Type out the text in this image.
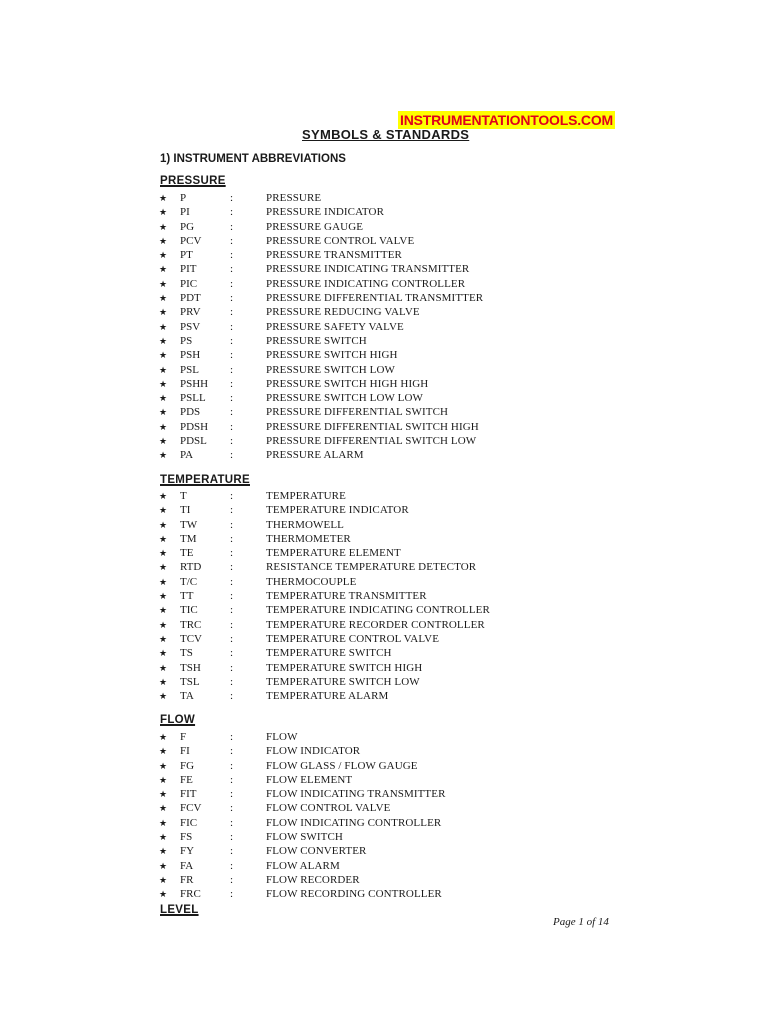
INSTRUMENTATIONTOOLS.COM
SYMBOLS & STANDARDS
1) INSTRUMENT ABBREVIATIONS
PRESSURE
★ P	:	PRESSURE
★ PI	:	PRESSURE INDICATOR
★ PG	:	PRESSURE GAUGE
★ PCV	:	PRESSURE CONTROL VALVE
★ PT	:	PRESSURE TRANSMITTER
★ PIT	:	PRESSURE INDICATING TRANSMITTER
★ PIC	:	PRESSURE INDICATING CONTROLLER
★ PDT	:	PRESSURE DIFFERENTIAL TRANSMITTER
★ PRV	:	PRESSURE REDUCING VALVE
★ PSV	:	PRESSURE SAFETY VALVE
★ PS	:	PRESSURE SWITCH
★ PSH	:	PRESSURE SWITCH HIGH
★ PSL	:	PRESSURE SWITCH LOW
★ PSHH :	PRESSURE SWITCH HIGH HIGH
★ PSLL :	PRESSURE SWITCH LOW LOW
★ PDS	:	PRESSURE DIFFERENTIAL SWITCH
★ PDSH :	PRESSURE DIFFERENTIAL SWITCH HIGH
★ PDSL :	PRESSURE DIFFERENTIAL SWITCH LOW
★ PA	:	PRESSURE ALARM
TEMPERATURE
★ T	:	TEMPERATURE
★ TI	:	TEMPERATURE INDICATOR
★ TW	:	THERMOWELL
★ TM	:	THERMOMETER
★ TE	:	TEMPERATURE ELEMENT
★ RTD	:	RESISTANCE TEMPERATURE DETECTOR
★ T/C	:	THERMOCOUPLE
★ TT	:	TEMPERATURE TRANSMITTER
★ TIC	:	TEMPERATURE INDICATING CONTROLLER
★ TRC	:	TEMPERATURE RECORDER CONTROLLER
★ TCV	:	TEMPERATURE CONTROL VALVE
★ TS	:	TEMPERATURE SWITCH
★ TSH	:	TEMPERATURE SWITCH HIGH
★ TSL	:	TEMPERATURE SWITCH LOW
★ TA	:	TEMPERATURE ALARM
FLOW
★ F	:	FLOW
★ FI	:	FLOW INDICATOR
★ FG	:	FLOW GLASS / FLOW GAUGE
★ FE	:	FLOW ELEMENT
★ FIT	:	FLOW INDICATING TRANSMITTER
★ FCV	:	FLOW CONTROL VALVE
★ FIC	:	FLOW INDICATING CONTROLLER
★ FS	:	FLOW SWITCH
★ FY	:	FLOW CONVERTER
★ FA	:	FLOW ALARM
★ FR	:	FLOW RECORDER
★ FRC	:	FLOW RECORDING CONTROLLER
LEVEL
Page 1 of 14
